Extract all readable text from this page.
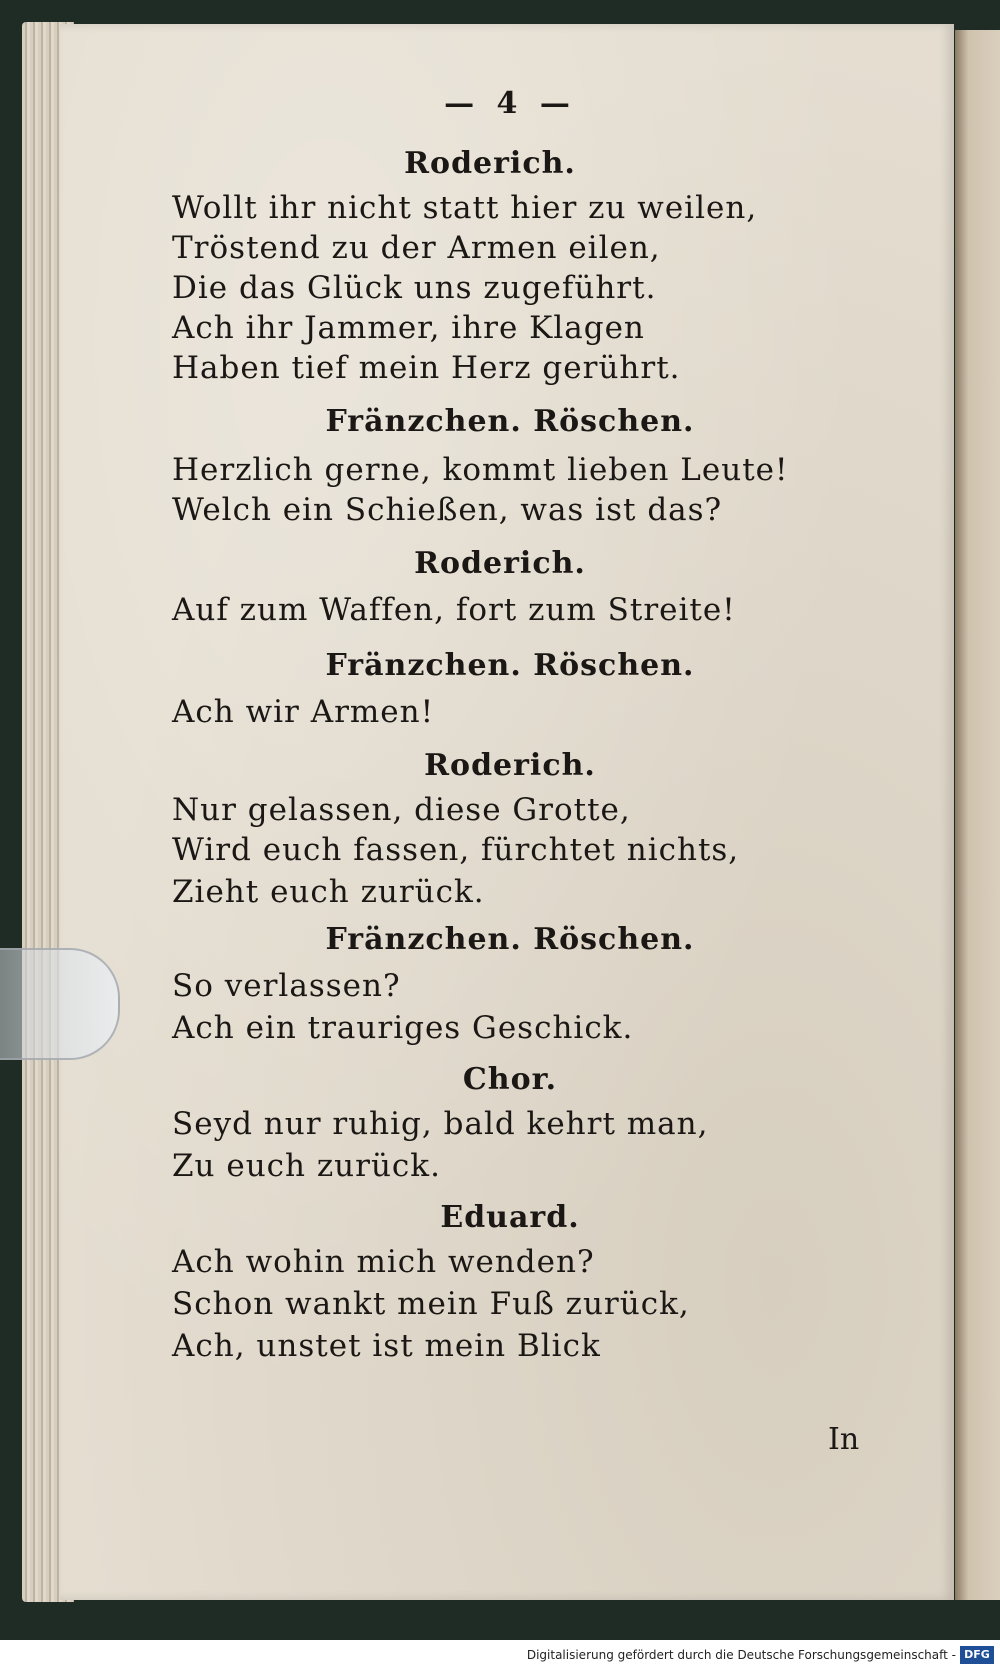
— 4 —
Roderich.
Wollt ihr nicht statt hier zu weilen,
Tröstend zu der Armen eilen,
Die das Glück uns zugeführt.
Ach ihr Jammer, ihre Klagen
Haben tief mein Herz gerührt.
Fränzchen. Röschen.
Herzlich gerne, kommt lieben Leute!
Welch ein Schießen, was ist das?
Roderich.
Auf zum Waffen, fort zum Streite!
Fränzchen. Röschen.
Ach wir Armen!
Roderich.
Nur gelassen, diese Grotte,
Wird euch fassen, fürchtet nichts,
Zieht euch zurück.
Fränzchen. Röschen.
So verlassen?
Ach ein trauriges Geschick.
Chor.
Seyd nur ruhig, bald kehrt man,
Zu euch zurück.
Eduard.
Ach wohin mich wenden?
Schon wankt mein Fuß zurück,
Ach, unstet ist mein Blick
In
Digitalisierung gefördert durch die Deutsche Forschungsgemeinschaft - DFG
